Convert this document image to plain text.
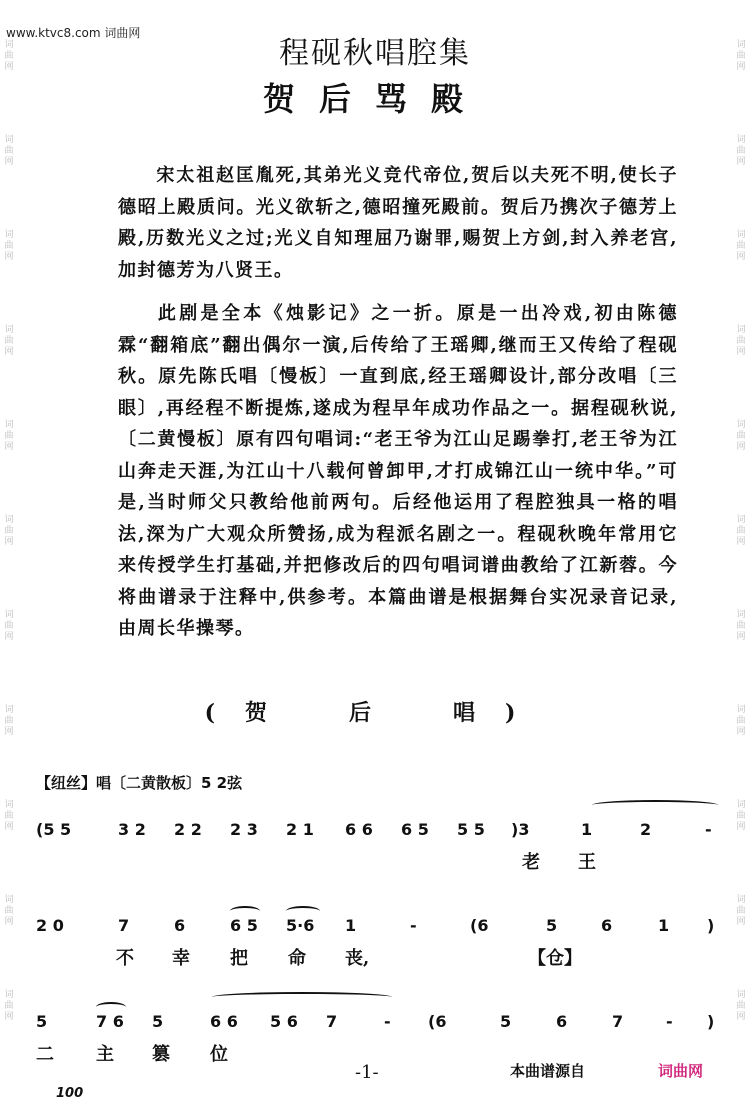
www.ktvc8.com 词曲网
词
曲
网
词
曲
网
词
曲
网
词
曲
网
词
曲
网
词
曲
网
词
曲
网
词
曲
网
词
曲
网
词
曲
网
词
曲
网
词
曲
网
词
曲
网
词
曲
网
词
曲
网
词
曲
网
词
曲
网
词
曲
网
词
曲
网
词
曲
网
词
曲
网
词
曲
网
程砚秋唱腔集
贺后骂殿
宋太祖赵匡胤死,其弟光义竞代帝位,贺后以夫死不明,使长子德昭上殿质问。光义欲斩之,德昭撞死殿前。贺后乃携次子德芳上殿,历数光义之过;光义自知理屈乃谢罪,赐贺上方剑,封入养老宫,加封德芳为八贤王。
此剧是全本《烛影记》之一折。原是一出冷戏,初由陈德霖“翻箱底”翻出偶尔一演,后传给了王瑶卿,继而王又传给了程砚秋。原先陈氏唱〔慢板〕一直到底,经王瑶卿设计,部分改唱〔三眼〕,再经程不断提炼,遂成为程早年成功作品之一。据程砚秋说,〔二黄慢板〕原有四句唱词:“老王爷为江山足踢拳打,老王爷为江山奔走天涯,为江山十八载何曾卸甲,才打成锦江山一统中华。”可是,当时师父只教给他前两句。后经他运用了程腔独具一格的唱法,深为广大观众所赞扬,成为程派名剧之一。程砚秋晚年常用它来传授学生打基础,并把修改后的四句唱词谱曲教给了江新蓉。今将曲谱录于注释中,供参考。本篇曲谱是根据舞台实况录音记录,由周长华操琴。
(贺　后　唱)
【纽丝】唱〔二黄散板〕5 2弦
(5 5	3 2 2 2 2 3 2 1 6 6 6 5 5 5 )3	1	2	-
老 王
2 0	7	6	6 5 5·6 1	-	(6	5	6	1 )
不 幸 把 命 丧,	【仓】
5	7 6 5	6 6 5 6 7	- (6	5	6	7	- )
二 主 篡 位
-1-	本曲谱源自	词曲网
100
